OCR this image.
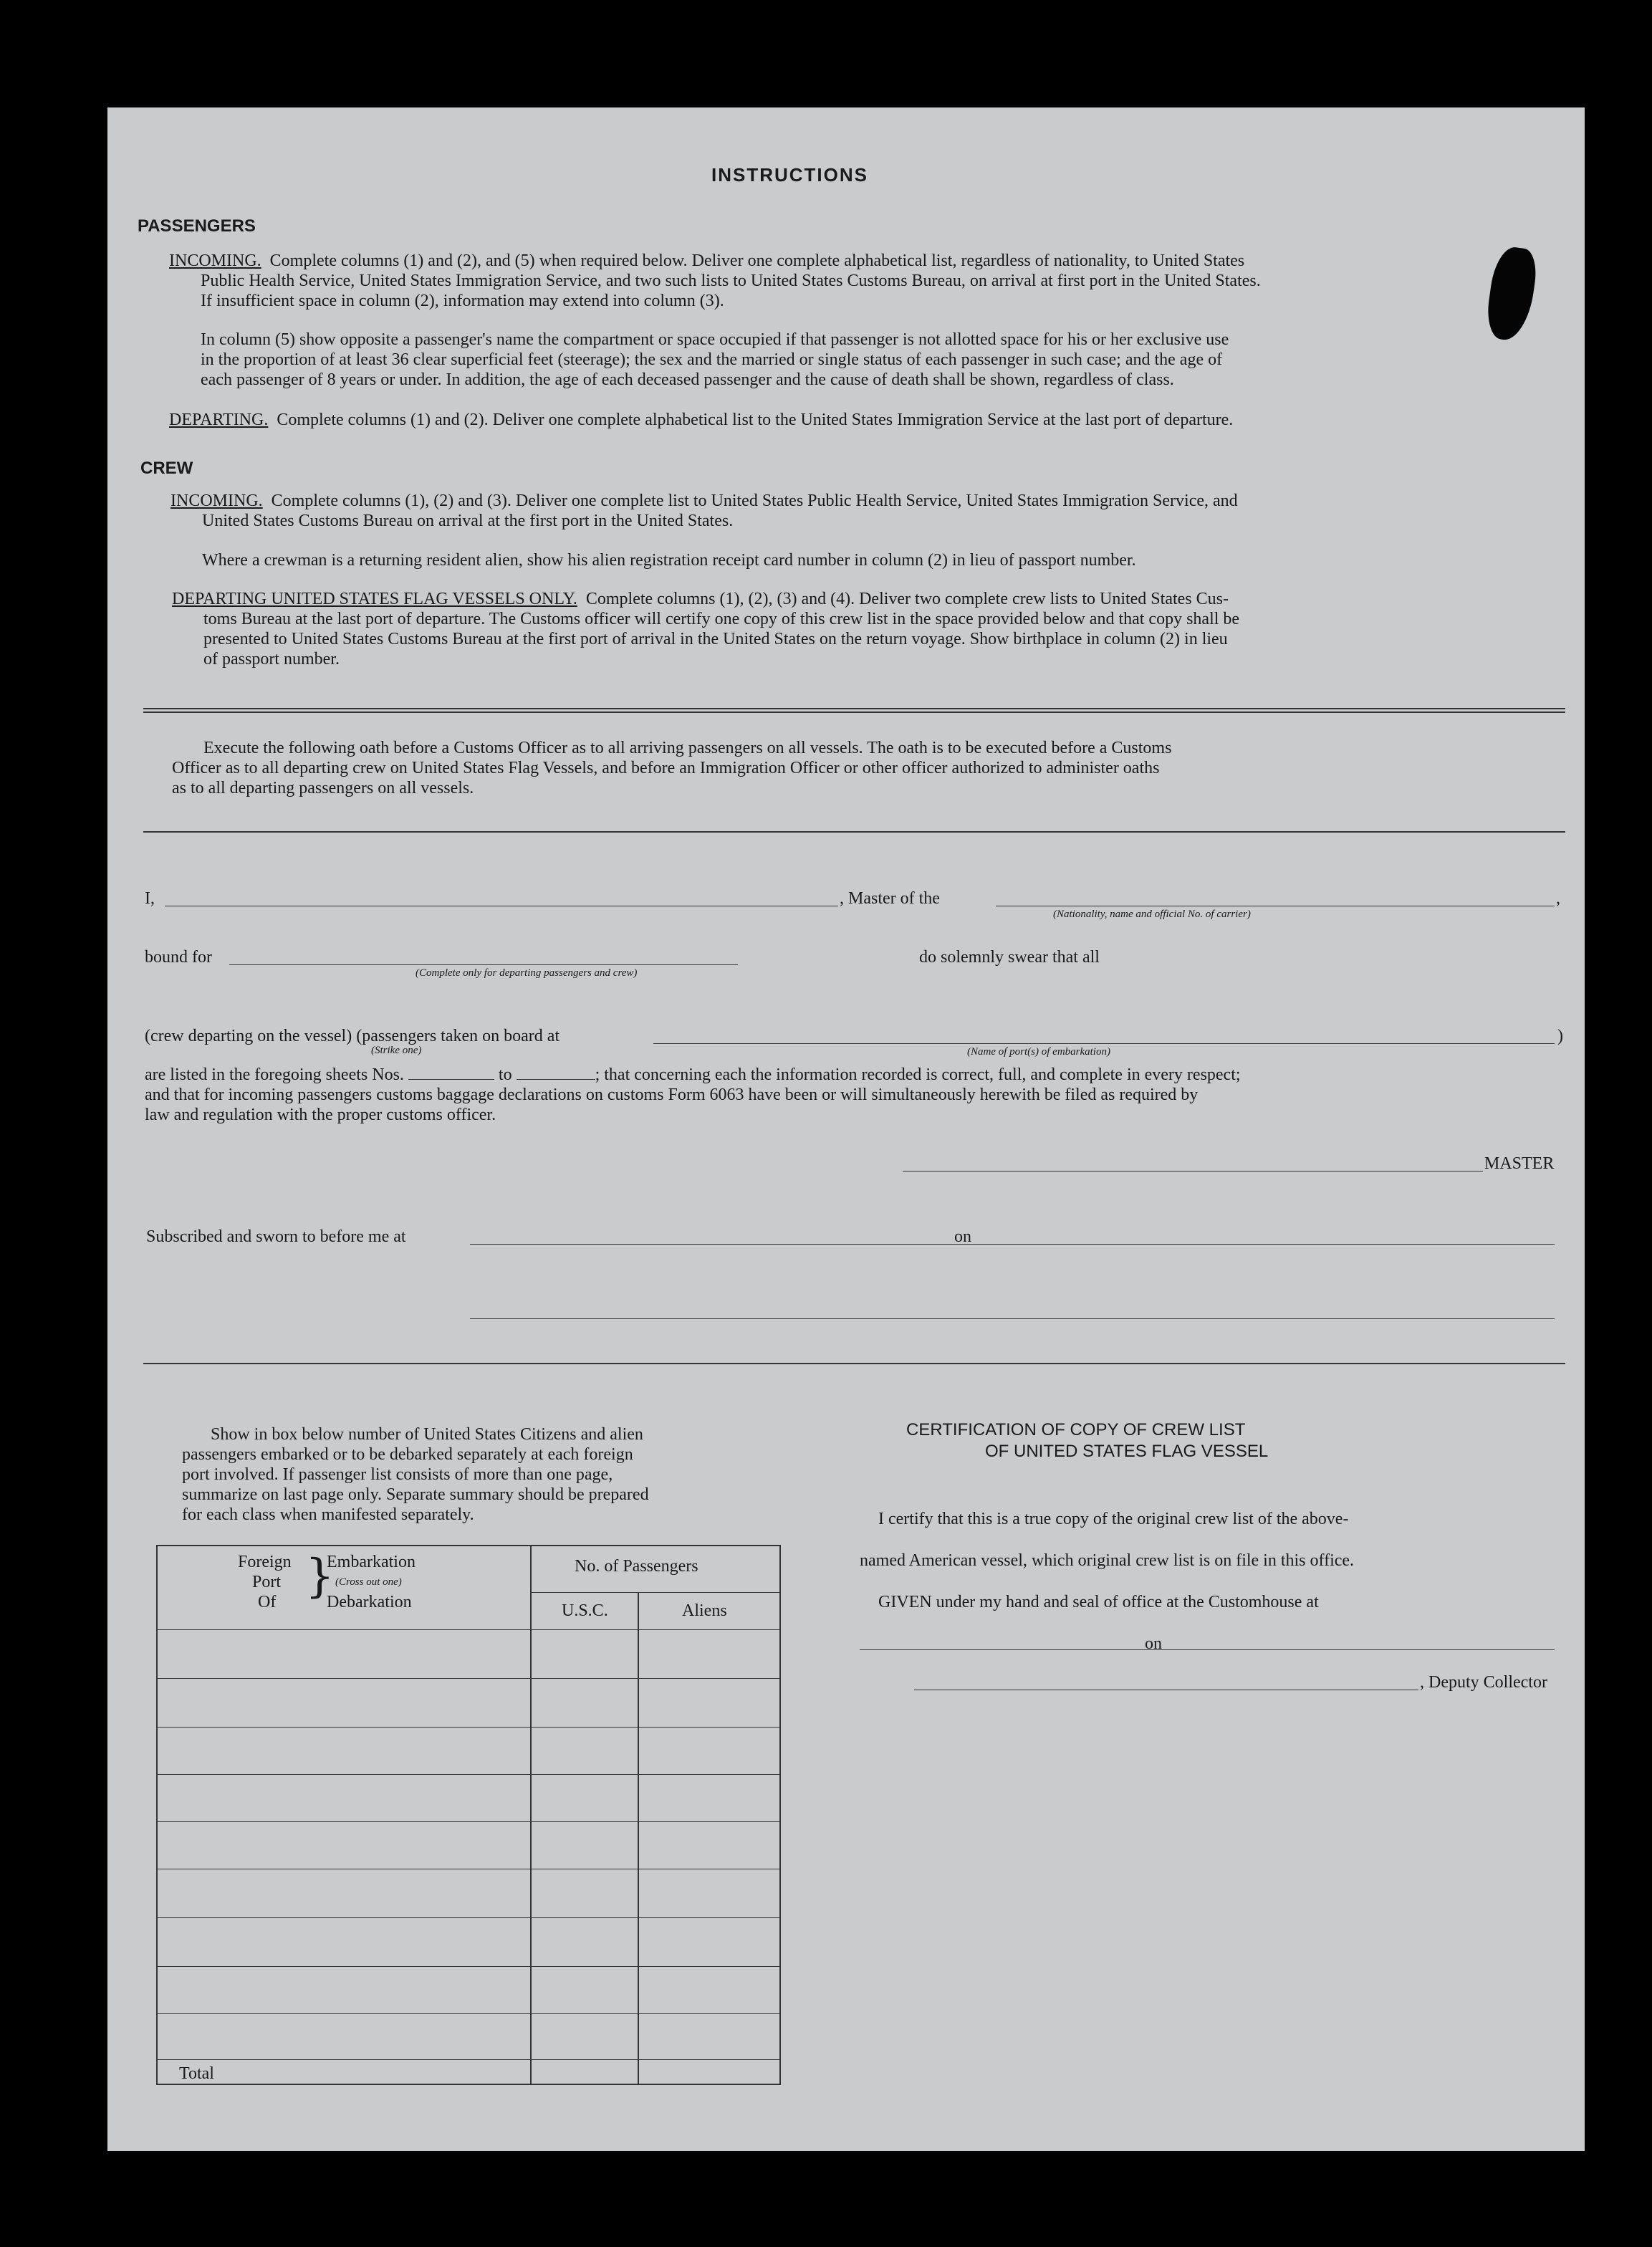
INSTRUCTIONS
PASSENGERS
INCOMING. Complete columns (1) and (2), and (5) when required below. Deliver one complete alphabetical list, regardless of nationality, to United States
Public Health Service, United States Immigration Service, and two such lists to United States Customs Bureau, on arrival at first port in the United States.
If insufficient space in column (2), information may extend into column (3).
In column (5) show opposite a passenger's name the compartment or space occupied if that passenger is not allotted space for his or her exclusive use
in the proportion of at least 36 clear superficial feet (steerage); the sex and the married or single status of each passenger in such case; and the age of
each passenger of 8 years or under. In addition, the age of each deceased passenger and the cause of death shall be shown, regardless of class.
DEPARTING. Complete columns (1) and (2). Deliver one complete alphabetical list to the United States Immigration Service at the last port of departure.
CREW
INCOMING. Complete columns (1), (2) and (3). Deliver one complete list to United States Public Health Service, United States Immigration Service, and
United States Customs Bureau on arrival at the first port in the United States.
Where a crewman is a returning resident alien, show his alien registration receipt card number in column (2) in lieu of passport number.
DEPARTING UNITED STATES FLAG VESSELS ONLY. Complete columns (1), (2), (3) and (4). Deliver two complete crew lists to United States Cus-
toms Bureau at the last port of departure. The Customs officer will certify one copy of this crew list in the space provided below and that copy shall be
presented to United States Customs Bureau at the first port of arrival in the United States on the return voyage. Show birthplace in column (2) in lieu
of passport number.
Execute the following oath before a Customs Officer as to all arriving passengers on all vessels. The oath is to be executed before a Customs
Officer as to all departing crew on United States Flag Vessels, and before an Immigration Officer or other officer authorized to administer oaths
as to all departing passengers on all vessels.
I,	, Master of the	,
(Nationality, name and official No. of carrier)
bound for
(Complete only for departing passengers and crew)
do solemnly swear that all
(crew departing on the vessel) (passengers taken on board at
(Strike one)
)
(Name of port(s) of embarkation)
are listed in the foregoing sheets Nos.	to	; that concerning each the information recorded is correct, full, and complete in every respect;
and that for incoming passengers customs baggage declarations on customs Form 6063 have been or will simultaneously herewith be filed as required by
law and regulation with the proper customs officer.
MASTER
Subscribed and sworn to before me at	on
Show in box below number of United States Citizens and alien
passengers embarked or to be debarked separately at each foreign
port involved. If passenger list consists of more than one page,
summarize on last page only. Separate summary should be prepared
for each class when manifested separately.
Foreign
Port
Of }
Embarkation
(Cross out one)
Debarkation
No. of Passengers
U.S.C.	Aliens
Total
CERTIFICATION OF COPY OF CREW LIST
OF UNITED STATES FLAG VESSEL
I certify that this is a true copy of the original crew list of the above-
named American vessel, which original crew list is on file in this office.
GIVEN under my hand and seal of office at the Customhouse at
on
, Deputy Collector
